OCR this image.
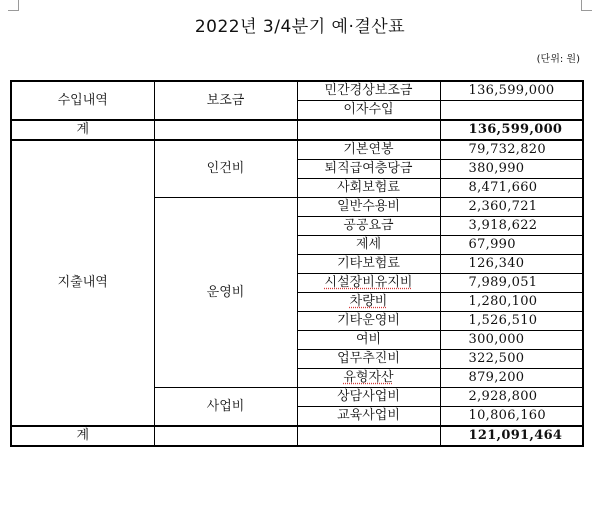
2022년 3/4분기 예·결산표
(단위: 원)
수입내역	보조금	민간경상보조금	136,599,000
		이자수입	
계			136,599,000
지출내역	인건비	기본연봉	79,732,820
		퇴직급여충당금	380,990
		사회보험료	8,471,660
	운영비	일반수용비	2,360,721
		공공요금	3,918,622
		제세	67,990
		기타보험료	126,340
		시설장비유지비	7,989,051
		차량비	1,280,100
		기타운영비	1,526,510
		여비	300,000
		업무추진비	322,500
		유형자산	879,200
	사업비	상담사업비	2,928,800
		교육사업비	10,806,160
계			121,091,464
